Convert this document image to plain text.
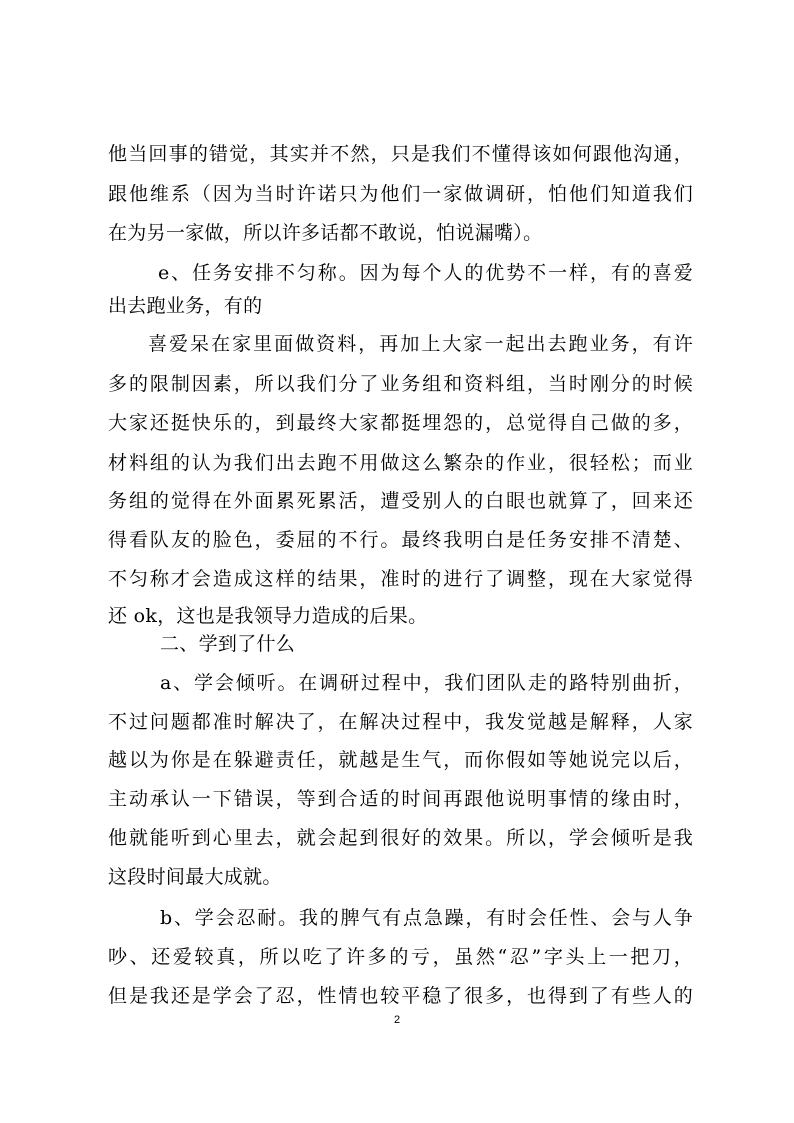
他当回事的错觉，其实并不然，只是我们不懂得该如何跟他沟通，
跟他维系（因为当时许诺只为他们一家做调研，怕他们知道我们
在为另一家做，所以许多话都不敢说，怕说漏嘴）。
e、任务安排不匀称。因为每个人的优势不一样，有的喜爱
出去跑业务，有的
喜爱呆在家里面做资料，再加上大家一起出去跑业务，有许
多的限制因素，所以我们分了业务组和资料组，当时刚分的时候
大家还挺快乐的，到最终大家都挺埋怨的，总觉得自己做的多，
材料组的认为我们出去跑不用做这么繁杂的作业，很轻松；而业
务组的觉得在外面累死累活，遭受别人的白眼也就算了，回来还
得看队友的脸色，委屈的不行。最终我明白是任务安排不清楚、
不匀称才会造成这样的结果，准时的进行了调整，现在大家觉得
还 ok，这也是我领导力造成的后果。
二、学到了什么
a、学会倾听。在调研过程中，我们团队走的路特别曲折，
不过问题都准时解决了，在解决过程中，我发觉越是解释，人家
越以为你是在躲避责任，就越是生气，而你假如等她说完以后，
主动承认一下错误，等到合适的时间再跟他说明事情的缘由时，
他就能听到心里去，就会起到很好的效果。所以，学会倾听是我
这段时间最大成就。
b、学会忍耐。我的脾气有点急躁，有时会任性、会与人争
吵、还爱较真，所以吃了许多的亏，虽然“忍”字头上一把刀，
但是我还是学会了忍，性情也较平稳了很多，也得到了有些人的
2
